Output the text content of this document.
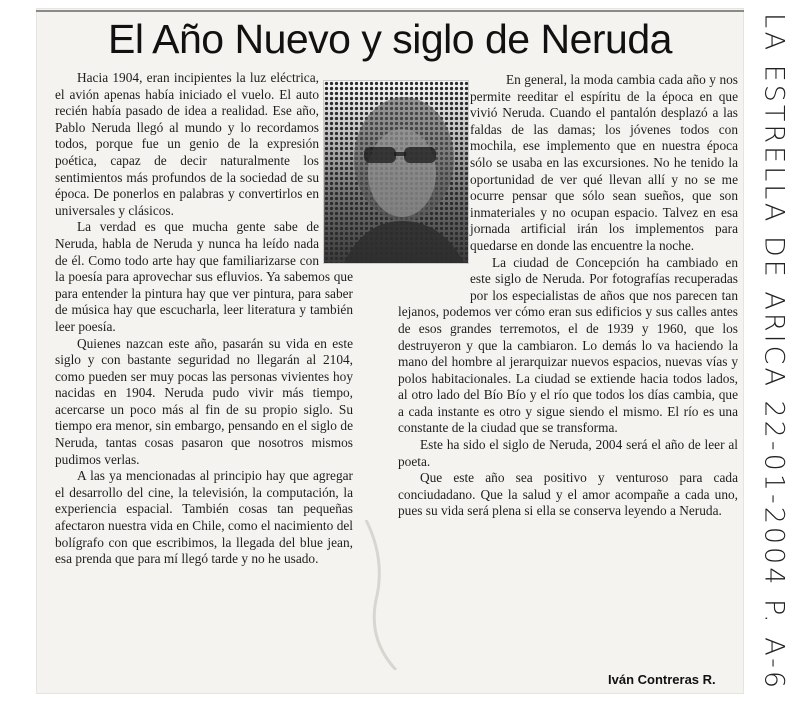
El Año Nuevo y siglo de Neruda

Hacia 1904, eran incipientes la luz eléctrica, el avión apenas había iniciado el vuelo. El auto recién había pasado de idea a realidad. Ese año, Pablo Neruda llegó al mundo y lo recordamos todos, porque fue un genio de la expresión poética, capaz de decir naturalmente los sentimientos más profundos de la sociedad de su época. De ponerlos en palabras y convertirlos en universales y clásicos.

La verdad es que mucha gente sabe de Neruda, habla de Neruda y nunca ha leído nada de él. Como todo arte hay que familiarizarse con la poesía para aprovechar sus efluvios. Ya sabemos que para entender la pintura hay que ver pintura, para saber de música hay que escucharla, leer literatura y también leer poesía.

Quienes nazcan este año, pasarán su vida en este siglo y con bastante seguridad no llegarán al 2104, como pueden ser muy pocas las personas vivientes hoy nacidas en 1904. Neruda pudo vivir más tiempo, acercarse un poco más al fin de su propio siglo. Su tiempo era menor, sin embargo, pensando en el siglo de Neruda, tantas cosas pasaron que nosotros mismos pudimos verlas.

A las ya mencionadas al principio hay que agregar el desarrollo del cine, la televisión, la computación, la experiencia espacial. También cosas tan pequeñas afectaron nuestra vida en Chile, como el nacimiento del bolígrafo con que escribimos, la llegada del blue jean, esa prenda que para mí llegó tarde y no he usado.

En general, la moda cambia cada año y nos permite reeditar el espíritu de la época en que vivió Neruda. Cuando el pantalón desplazó a las faldas de las damas; los jóvenes todos con mochila, ese implemento que en nuestra época sólo se usaba en las excursiones. No he tenido la oportunidad de ver qué llevan allí y no se me ocurre pensar que sólo sean sueños, que son inmateriales y no ocupan espacio. Talvez en esa jornada artificial irán los implementos para quedarse en donde las encuentre la noche.

La ciudad de Concepción ha cambiado en este siglo de Neruda. Por fotografías recuperadas por los especialistas de años que nos parecen tan lejanos, podemos ver cómo eran sus edificios y sus calles antes de esos grandes terremotos, el de 1939 y 1960, que los destruyeron y que la cambiaron. Lo demás lo va haciendo la mano del hombre al jerarquizar nuevos espacios, nuevas vías y polos habitacionales. La ciudad se extiende hacia todos lados, al otro lado del Bío Bío y el río que todos los días cambia, que a cada instante es otro y sigue siendo el mismo. El río es una constante de la ciudad que se transforma.

Este ha sido el siglo de Neruda, 2004 será el año de leer al poeta.

Que este año sea positivo y venturoso para cada conciudadano. Que la salud y el amor acompañe a cada uno, pues su vida será plena si ella se conserva leyendo a Neruda.

Iván Contreras R. LA ESTRELLA DE ARICA 22-01-2004 P. A-6
